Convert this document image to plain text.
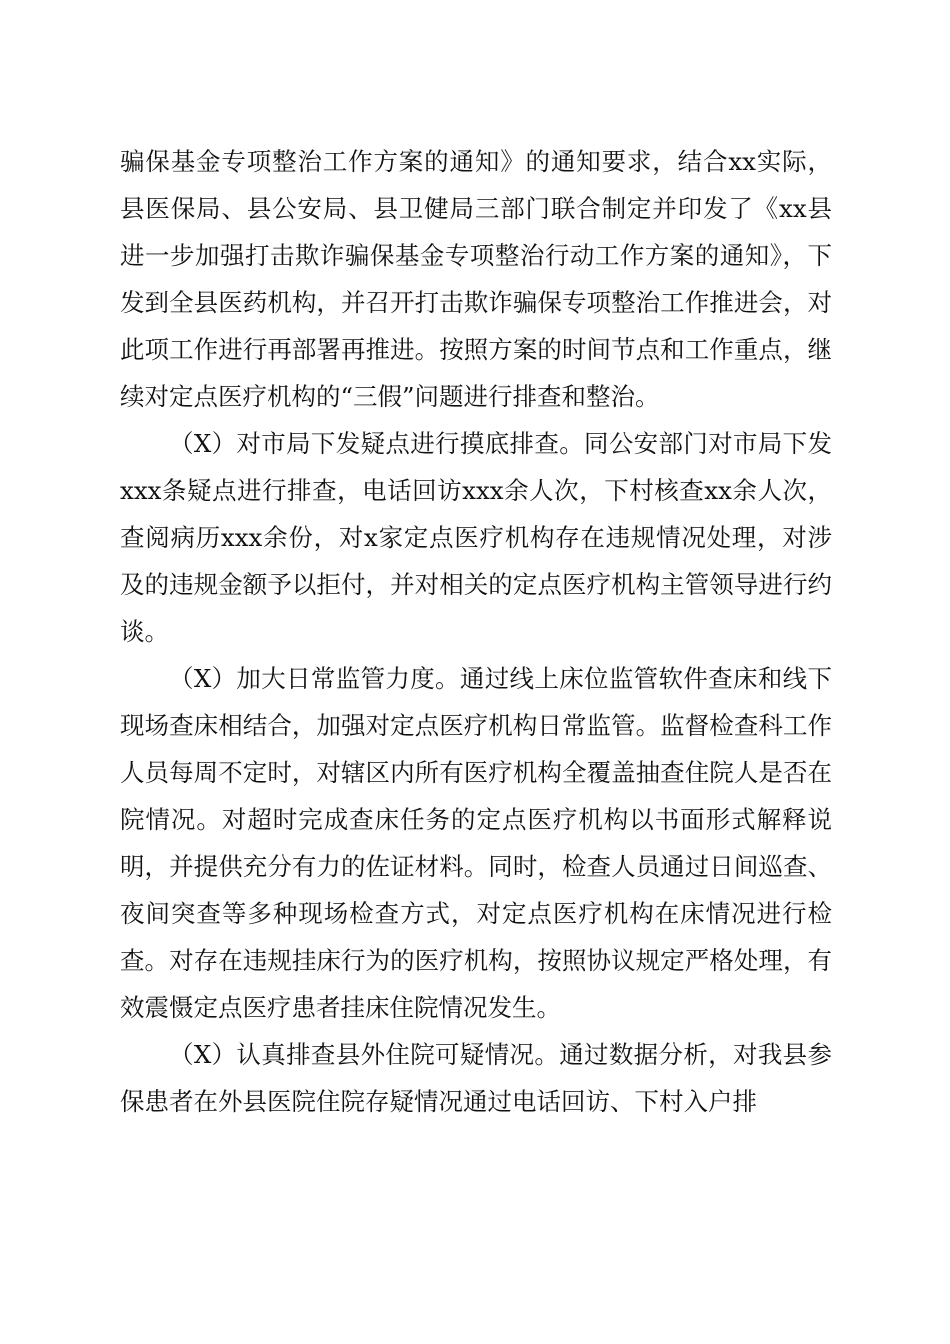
骗保基金专项整治工作方案的通知》的通知要求，结合xx实际，县医保局、县公安局、县卫健局三部门联合制定并印发了《xx县进一步加强打击欺诈骗保基金专项整治行动工作方案的通知》，下发到全县医药机构，并召开打击欺诈骗保专项整治工作推进会，对此项工作进行再部署再推进。按照方案的时间节点和工作重点，继续对定点医疗机构的“三假”问题进行排查和整治。

（X）对市局下发疑点进行摸底排查。同公安部门对市局下发xxx条疑点进行排查，电话回访xxx余人次，下村核查xx余人次，查阅病历xxx余份，对x家定点医疗机构存在违规情况处理，对涉及的违规金额予以拒付，并对相关的定点医疗机构主管领导进行约谈。

（X）加大日常监管力度。通过线上床位监管软件查床和线下现场查床相结合，加强对定点医疗机构日常监管。监督检查科工作人员每周不定时，对辖区内所有医疗机构全覆盖抽查住院人是否在院情况。对超时完成查床任务的定点医疗机构以书面形式解释说明，并提供充分有力的佐证材料。同时，检查人员通过日间巡查、夜间突查等多种现场检查方式，对定点医疗机构在床情况进行检查。对存在违规挂床行为的医疗机构，按照协议规定严格处理，有效震慑定点医疗患者挂床住院情况发生。

（X）认真排查县外住院可疑情况。通过数据分析，对我县参保患者在外县医院住院存疑情况通过电话回访、下村入户排
